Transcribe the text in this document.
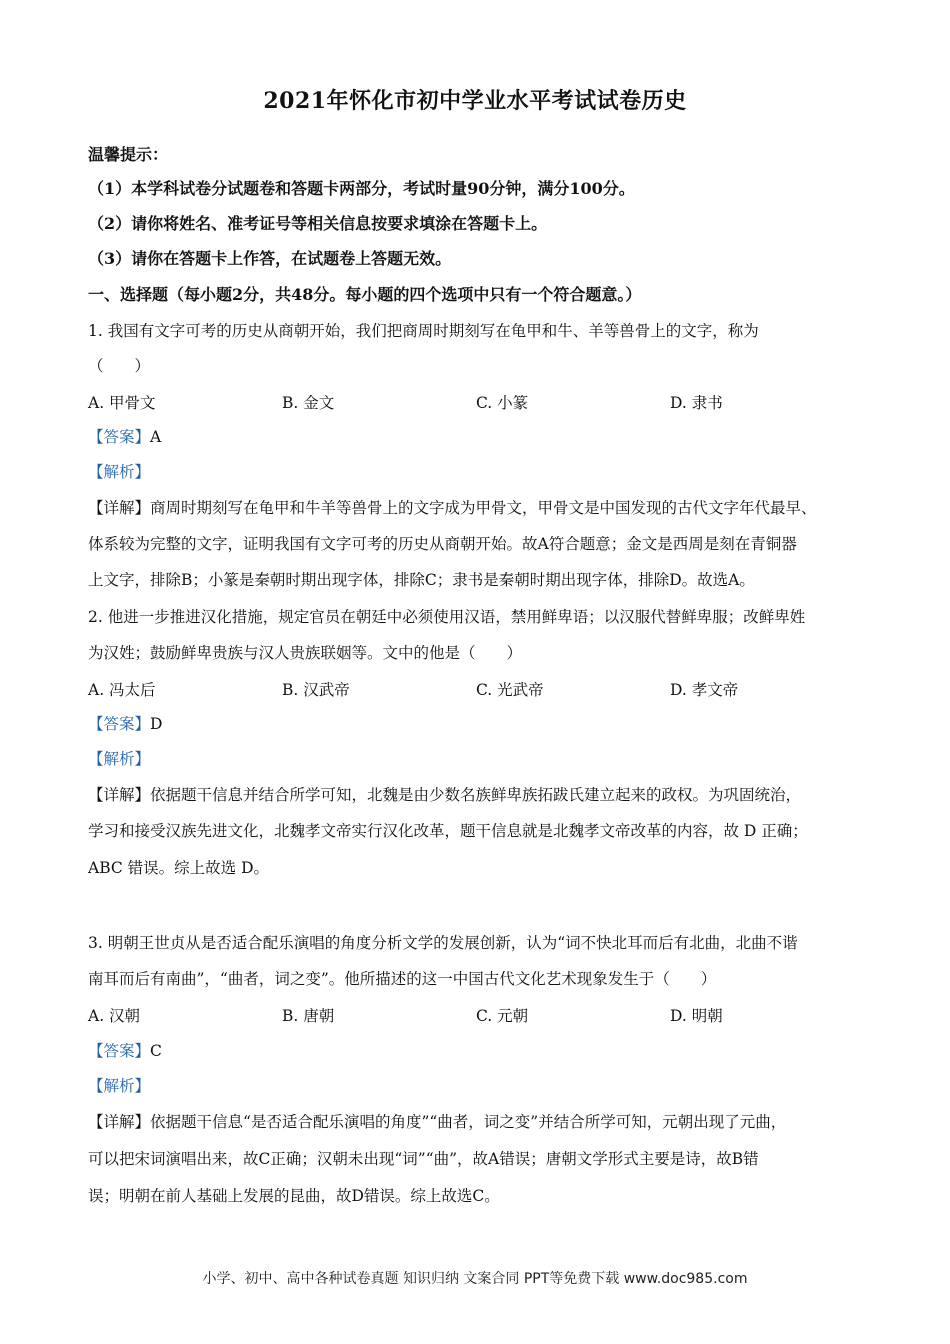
2021年怀化市初中学业水平考试试卷历史
温馨提示：
（1）本学科试卷分试题卷和答题卡两部分，考试时量90分钟，满分100分。
（2）请你将姓名、准考证号等相关信息按要求填涂在答题卡上。
（3）请你在答题卡上作答，在试题卷上答题无效。
一、选择题（每小题2分，共48分。每小题的四个选项中只有一个符合题意。）
1. 我国有文字可考的历史从商朝开始，我们把商周时期刻写在龟甲和牛、羊等兽骨上的文字，称为
（　　）
A. 甲骨文	B. 金文	C. 小篆	D. 隶书
【答案】A
【解析】
【详解】商周时期刻写在龟甲和牛羊等兽骨上的文字成为甲骨文，甲骨文是中国发现的古代文字年代最早、
体系较为完整的文字，证明我国有文字可考的历史从商朝开始。故A符合题意；金文是西周是刻在青铜器
上文字，排除B；小篆是秦朝时期出现字体，排除C；隶书是秦朝时期出现字体，排除D。故选A。
2. 他进一步推进汉化措施，规定官员在朝廷中必须使用汉语，禁用鲜卑语；以汉服代替鲜卑服；改鲜卑姓
为汉姓；鼓励鲜卑贵族与汉人贵族联姻等。文中的他是（　　）
A. 冯太后	B. 汉武帝	C. 光武帝	D. 孝文帝
【答案】D
【解析】
【详解】依据题干信息并结合所学可知，北魏是由少数名族鲜卑族拓跋氏建立起来的政权。为巩固统治，
学习和接受汉族先进文化，北魏孝文帝实行汉化改革，题干信息就是北魏孝文帝改革的内容，故 D 正确；
ABC 错误。综上故选 D。
3. 明朝王世贞从是否适合配乐演唱的角度分析文学的发展创新，认为“词不快北耳而后有北曲，北曲不谐
南耳而后有南曲”，“曲者，词之变”。他所描述的这一中国古代文化艺术现象发生于（　　）
A. 汉朝	B. 唐朝	C. 元朝	D. 明朝
【答案】C
【解析】
【详解】依据题干信息“是否适合配乐演唱的角度”“曲者，词之变”并结合所学可知，元朝出现了元曲，
可以把宋词演唱出来，故C正确；汉朝未出现“词”“曲”，故A错误；唐朝文学形式主要是诗，故B错
误；明朝在前人基础上发展的昆曲，故D错误。综上故选C。
小学、初中、高中各种试卷真题 知识归纳 文案合同 PPT等免费下载 www.doc985.com
